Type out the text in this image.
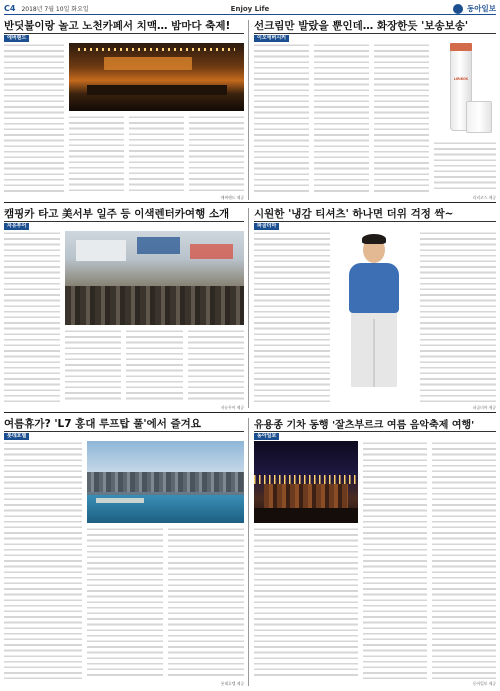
C4 2018년 7월 10일 화요일	Enjoy Life	동아일보
반딧불이랑 놀고 노천카페서 치맥… 밤마다 축제!
에버랜드
에버랜드 제공
선크림만 발랐을 뿐인데… 화장한듯 '보송보송'
이오에버시커
LIRIKOS
리리코스 제공
캠핑카 타고 美서부 일주 등 이색렌터카여행 소개
자유투어
자유투어 제공
시원한 '냉감 티셔츠' 하나면 더위 걱정 싹~
파골더마
파골더마 제공
여름휴가? 'L7 홍대 루프탑 풀'에서 즐겨요
롯데호텔
롯데호텔 제공
유용종 기차 동행 '잘츠부르크 여름 음악축제 여행'
동아일보
동아일보 제공
